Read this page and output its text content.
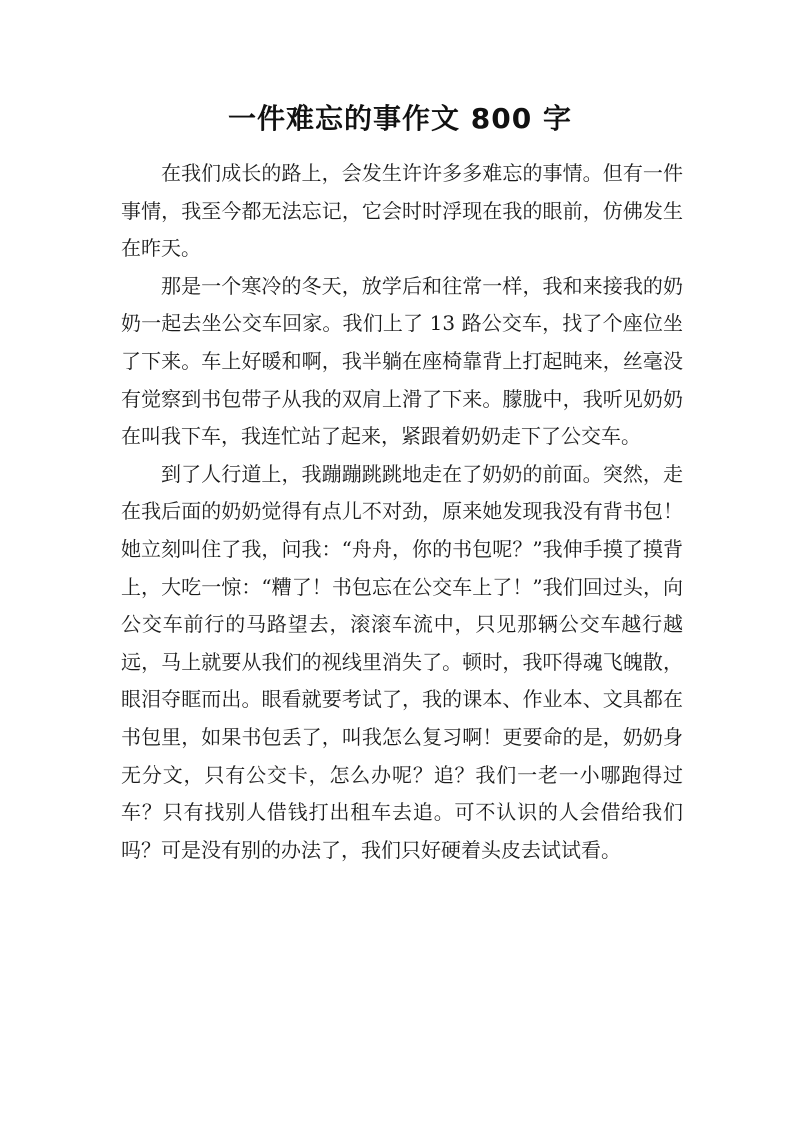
一件难忘的事作文 800 字

在我们成长的路上，会发生许许多多难忘的事情。但有一件事情，我至今都无法忘记，它会时时浮现在我的眼前，仿佛发生在昨天。

那是一个寒冷的冬天，放学后和往常一样，我和来接我的奶奶一起去坐公交车回家。我们上了 13 路公交车，找了个座位坐了下来。车上好暖和啊，我半躺在座椅靠背上打起盹来，丝毫没有觉察到书包带子从我的双肩上滑了下来。朦胧中，我听见奶奶在叫我下车，我连忙站了起来，紧跟着奶奶走下了公交车。

到了人行道上，我蹦蹦跳跳地走在了奶奶的前面。突然，走在我后面的奶奶觉得有点儿不对劲，原来她发现我没有背书包！她立刻叫住了我，问我：“舟舟，你的书包呢？”我伸手摸了摸背上，大吃一惊：“糟了！书包忘在公交车上了！”我们回过头，向公交车前行的马路望去，滚滚车流中，只见那辆公交车越行越远，马上就要从我们的视线里消失了。顿时，我吓得魂飞魄散，眼泪夺眶而出。眼看就要考试了，我的课本、作业本、文具都在书包里，如果书包丢了，叫我怎么复习啊！更要命的是，奶奶身无分文，只有公交卡，怎么办呢？追？我们一老一小哪跑得过车？只有找别人借钱打出租车去追。可不认识的人会借给我们吗？可是没有别的办法了，我们只好硬着头皮去试试看。
